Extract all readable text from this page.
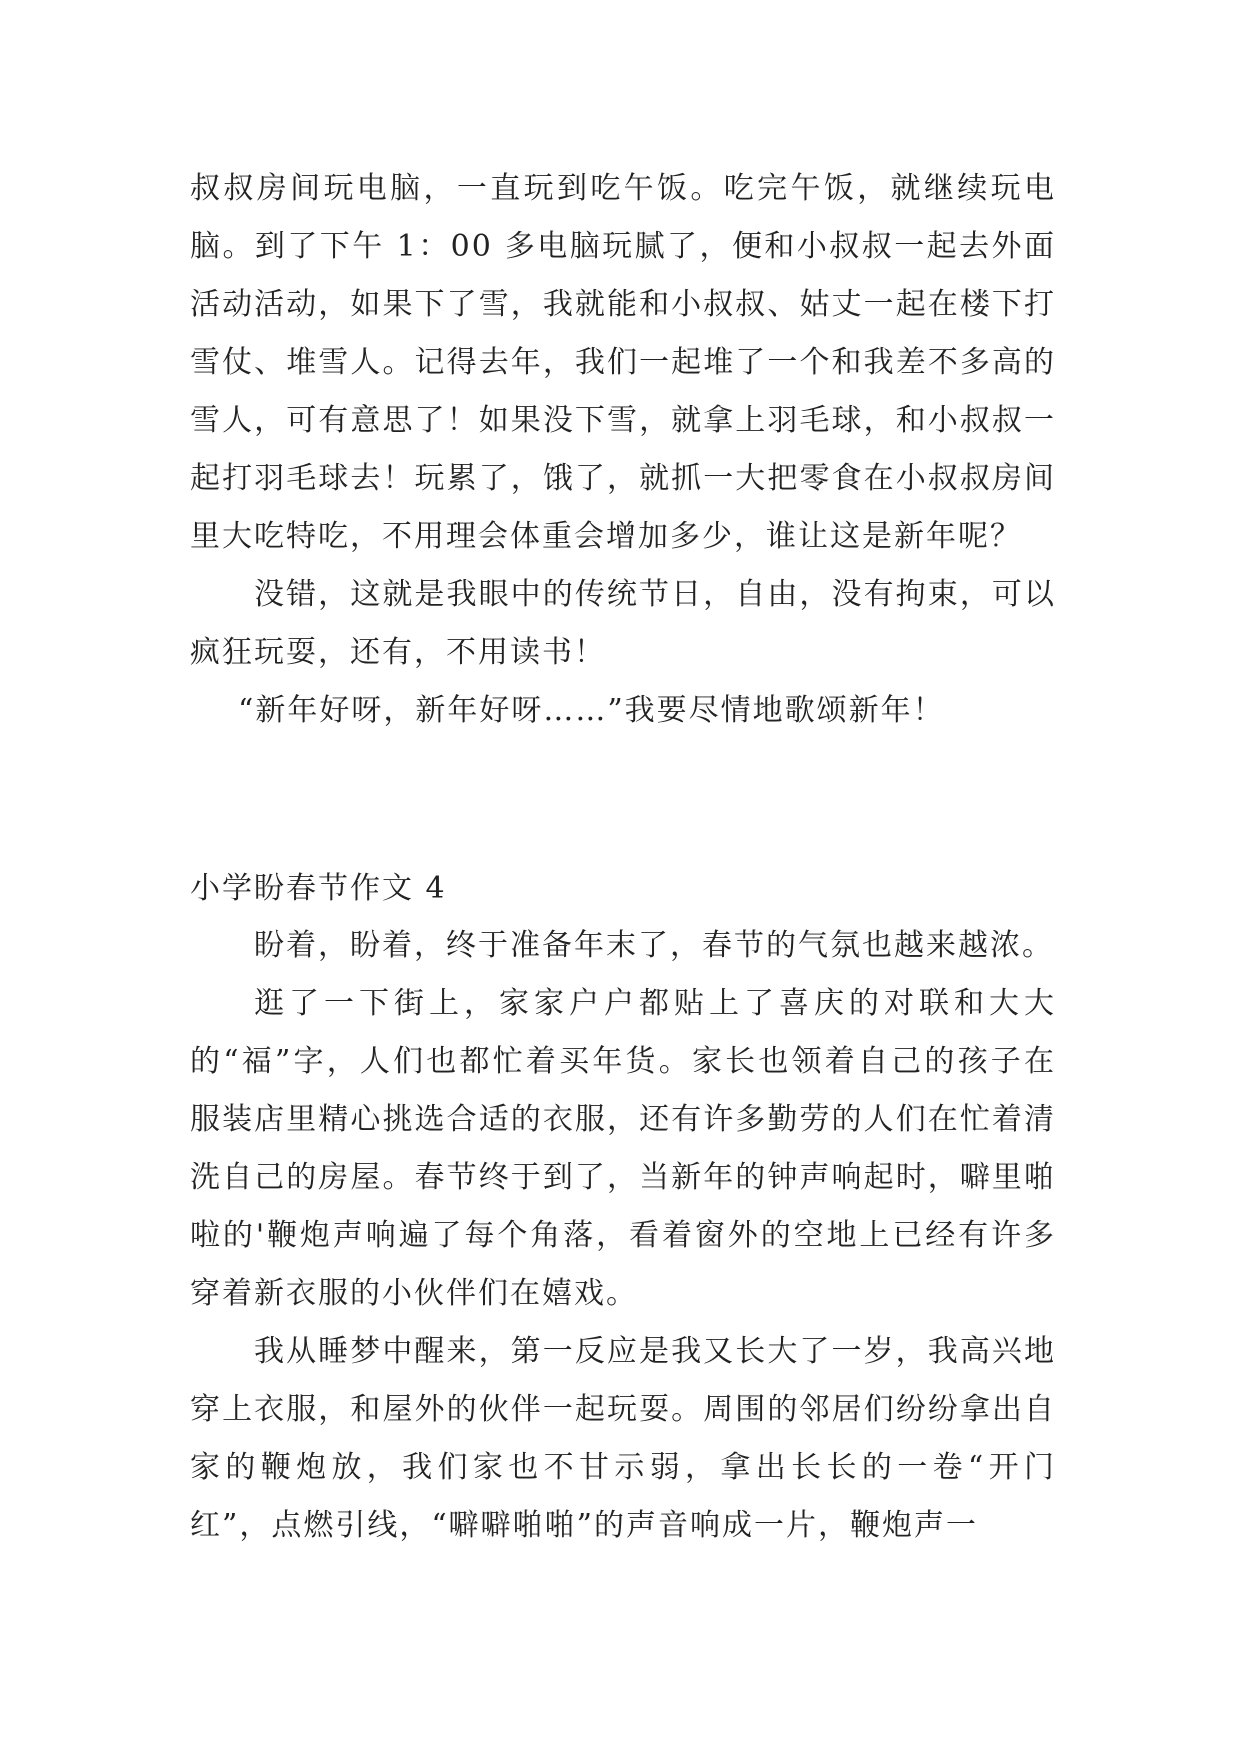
叔叔房间玩电脑，一直玩到吃午饭。吃完午饭，就继续玩电脑。到了下午 1：00 多电脑玩腻了，便和小叔叔一起去外面活动活动，如果下了雪，我就能和小叔叔、姑丈一起在楼下打雪仗、堆雪人。记得去年，我们一起堆了一个和我差不多高的雪人，可有意思了！如果没下雪，就拿上羽毛球，和小叔叔一起打羽毛球去！玩累了，饿了，就抓一大把零食在小叔叔房间里大吃特吃，不用理会体重会增加多少，谁让这是新年呢？

没错，这就是我眼中的传统节日，自由，没有拘束，可以疯狂玩耍，还有，不用读书！

“新年好呀，新年好呀……”我要尽情地歌颂新年！

小学盼春节作文 4

盼着，盼着，终于准备年末了，春节的气氛也越来越浓。

逛了一下街上，家家户户都贴上了喜庆的对联和大大的“福”字，人们也都忙着买年货。家长也领着自己的孩子在服装店里精心挑选合适的衣服，还有许多勤劳的人们在忙着清洗自己的房屋。春节终于到了，当新年的钟声响起时，噼里啪啦的'鞭炮声响遍了每个角落，看着窗外的空地上已经有许多穿着新衣服的小伙伴们在嬉戏。

我从睡梦中醒来，第一反应是我又长大了一岁，我高兴地穿上衣服，和屋外的伙伴一起玩耍。周围的邻居们纷纷拿出自家的鞭炮放，我们家也不甘示弱，拿出长长的一卷“开门红”，点燃引线，“噼噼啪啪”的声音响成一片，鞭炮声一
